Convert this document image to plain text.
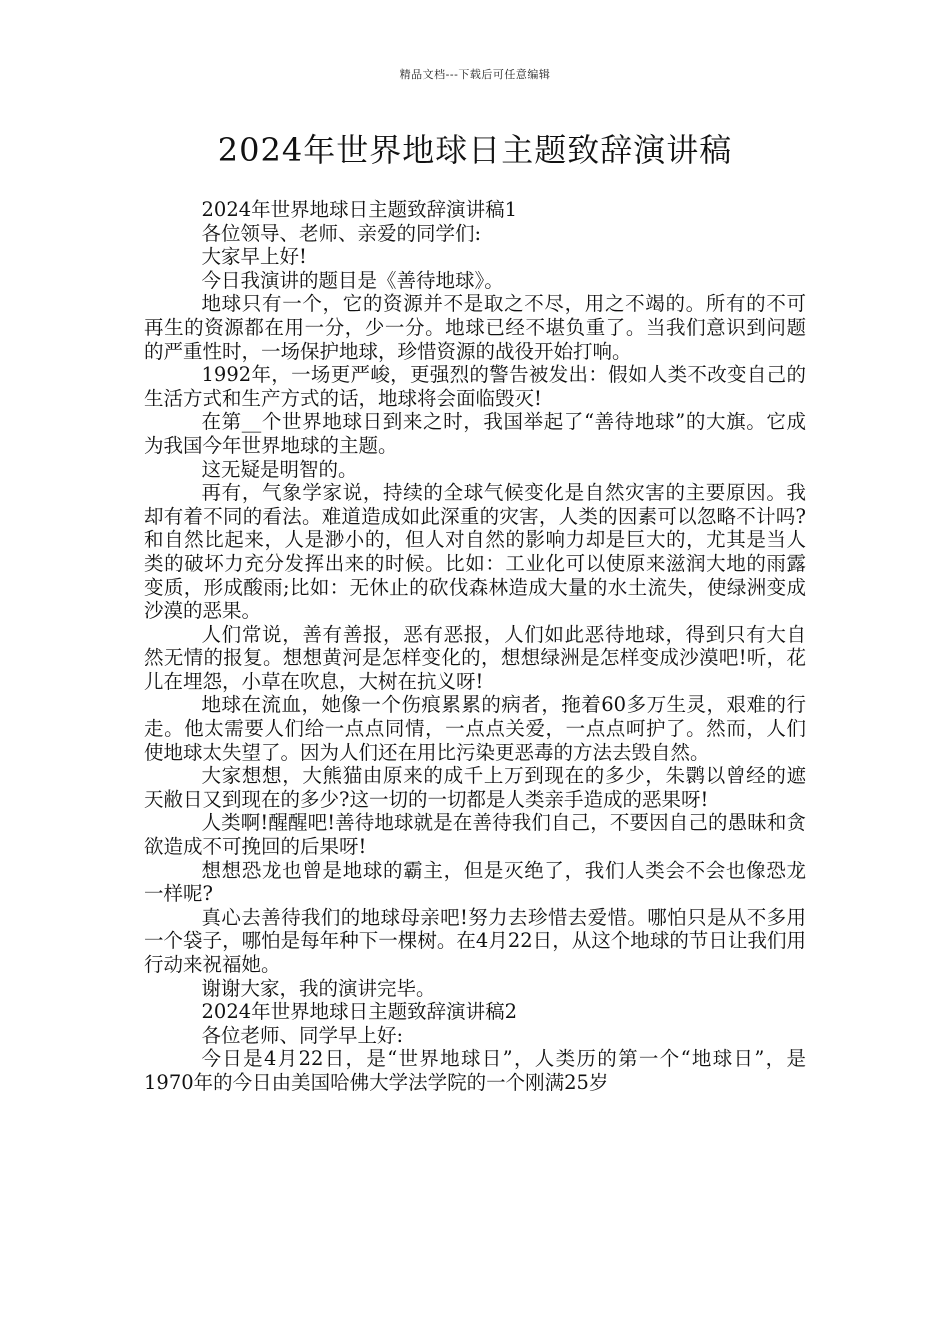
精品文档---下载后可任意编辑
2024年世界地球日主题致辞演讲稿

2024年世界地球日主题致辞演讲稿1

各位领导、老师、亲爱的同学们:

大家早上好!

今日我演讲的题目是《善待地球》。

地球只有一个，它的资源并不是取之不尽，用之不竭的。所有的不可再生的资源都在用一分，少一分。地球已经不堪负重了。当我们意识到问题的严重性时，一场保护地球，珍惜资源的战役开始打响。

1992年，一场更严峻，更强烈的警告被发出：假如人类不改变自己的生活方式和生产方式的话，地球将会面临毁灭!

在第__个世界地球日到来之时，我国举起了“善待地球”的大旗。它成为我国今年世界地球的主题。

这无疑是明智的。

再有，气象学家说，持续的全球气候变化是自然灾害的主要原因。我却有着不同的看法。难道造成如此深重的灾害，人类的因素可以忽略不计吗?和自然比起来，人是渺小的，但人对自然的影响力却是巨大的，尤其是当人类的破坏力充分发挥出来的时候。比如：工业化可以使原来滋润大地的雨露变质，形成酸雨;比如：无休止的砍伐森林造成大量的水土流失，使绿洲变成沙漠的恶果。

人们常说，善有善报，恶有恶报，人们如此恶待地球，得到只有大自然无情的报复。想想黄河是怎样变化的，想想绿洲是怎样变成沙漠吧!听，花儿在埋怨，小草在吹息，大树在抗义呀!

地球在流血，她像一个伤痕累累的病者，拖着60多万生灵，艰难的行走。他太需要人们给一点点同情，一点点关爱，一点点呵护了。然而，人们使地球太失望了。因为人们还在用比污染更恶毒的方法去毁自然。

大家想想，大熊猫由原来的成千上万到现在的多少，朱鹮以曾经的遮天敝日又到现在的多少?这一切的一切都是人类亲手造成的恶果呀!

人类啊!醒醒吧!善待地球就是在善待我们自己，不要因自己的愚昧和贪欲造成不可挽回的后果呀!

想想恐龙也曾是地球的霸主，但是灭绝了，我们人类会不会也像恐龙一样呢?

真心去善待我们的地球母亲吧!努力去珍惜去爱惜。哪怕只是从不多用一个袋子，哪怕是每年种下一棵树。在4月22日，从这个地球的节日让我们用行动来祝福她。

谢谢大家，我的演讲完毕。

2024年世界地球日主题致辞演讲稿2

各位老师、同学早上好:

今日是4月22日，是“世界地球日”，人类历的第一个“地球日”，是1970年的今日由美国哈佛大学法学院的一个刚满25岁
